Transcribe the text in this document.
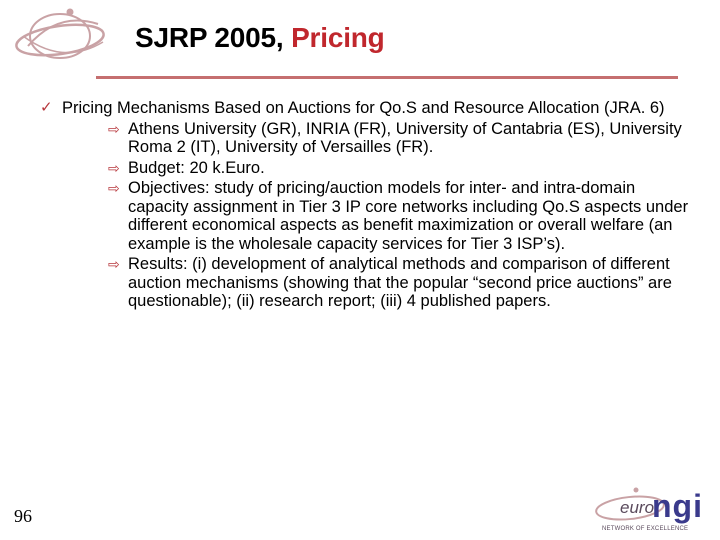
SJRP 2005, Pricing
✓ Pricing Mechanisms Based on Auctions for Qo.S and Resource Allocation (JRA. 6)
⇨ Athens University (GR), INRIA (FR), University of Cantabria (ES), University Roma 2 (IT), University of Versailles (FR).
⇨ Budget: 20 k.Euro.
⇨ Objectives: study of pricing/auction models for inter- and intra-domain capacity assignment in Tier 3 IP core networks including Qo.S aspects under different economical aspects as benefit maximization or overall welfare (an example is the wholesale capacity services for Tier 3 ISP’s).
⇨ Results: (i) development of analytical methods and comparison of different auction mechanisms (showing that the popular “second price auctions” are questionable); (ii) research report; (iii) 4 published papers.
96	euro
ngi
NETWORK OF EXCELLENCE
